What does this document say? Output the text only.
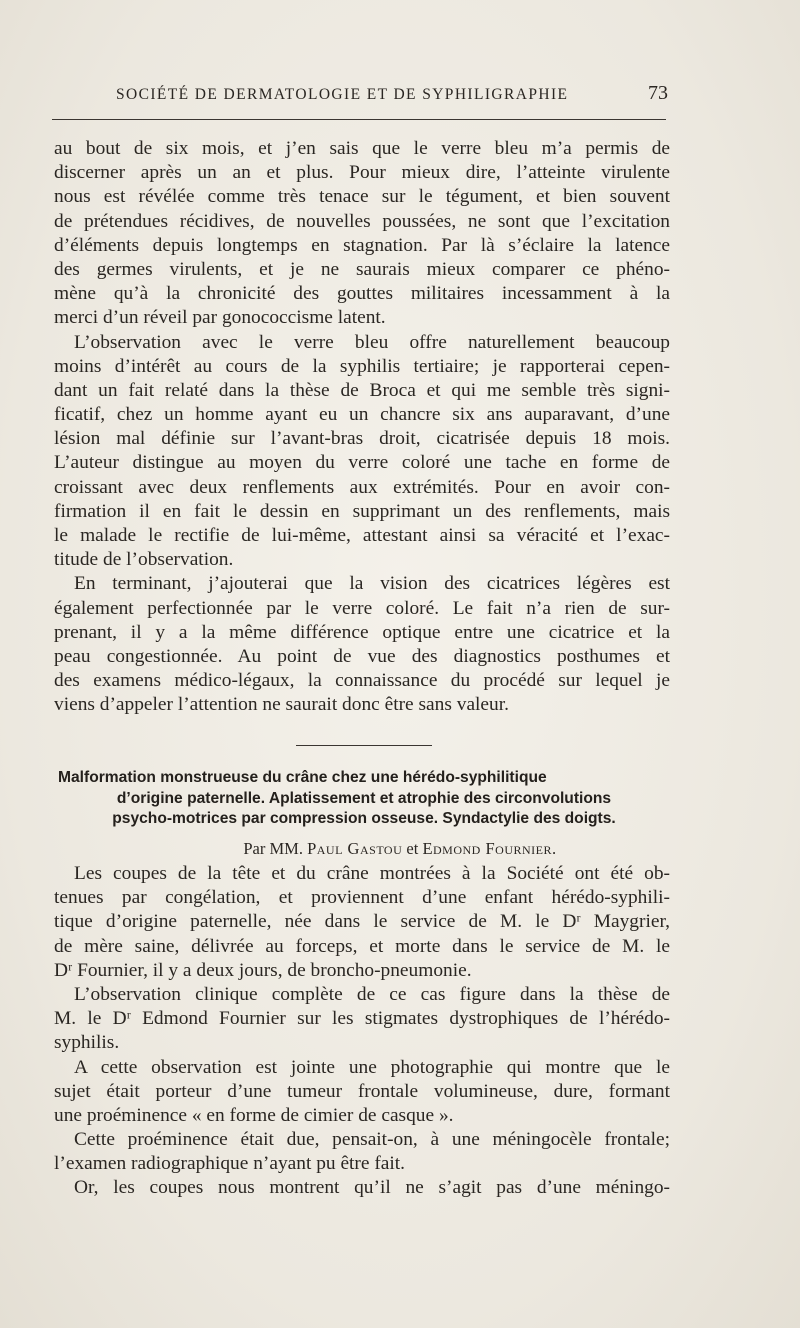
SOCIÉTÉ DE DERMATOLOGIE ET DE SYPHILIGRAPHIE	73
au bout de six mois, et j’en sais que le verre bleu m’a permis de
discerner après un an et plus. Pour mieux dire, l’atteinte virulente
nous est révélée comme très tenace sur le tégument, et bien souvent
de prétendues récidives, de nouvelles poussées, ne sont que l’excitation
d’éléments depuis longtemps en stagnation. Par là s’éclaire la latence
des germes virulents, et je ne saurais mieux comparer ce phéno-
mène qu’à la chronicité des gouttes militaires incessamment à la
merci d’un réveil par gonococcisme latent.
L’observation avec le verre bleu offre naturellement beaucoup
moins d’intérêt au cours de la syphilis tertiaire; je rapporterai cepen-
dant un fait relaté dans la thèse de Broca et qui me semble très signi-
ficatif, chez un homme ayant eu un chancre six ans auparavant, d’une
lésion mal définie sur l’avant-bras droit, cicatrisée depuis 18 mois.
L’auteur distingue au moyen du verre coloré une tache en forme de
croissant avec deux renflements aux extrémités. Pour en avoir con-
firmation il en fait le dessin en supprimant un des renflements, mais
le malade le rectifie de lui-même, attestant ainsi sa véracité et l’exac-
titude de l’observation.
En terminant, j’ajouterai que la vision des cicatrices légères est
également perfectionnée par le verre coloré. Le fait n’a rien de sur-
prenant, il y a la même différence optique entre une cicatrice et la
peau congestionnée. Au point de vue des diagnostics posthumes et
des examens médico-légaux, la connaissance du procédé sur lequel je
viens d’appeler l’attention ne saurait donc être sans valeur.
Malformation monstrueuse du crâne chez une hérédo-syphilitique
d’origine paternelle. Aplatissement et atrophie des circonvolutions
psycho-motrices par compression osseuse. Syndactylie des doigts.
Par MM. Paul Gastou et Edmond Fournier.
Les coupes de la tête et du crâne montrées à la Société ont été ob-
tenues par congélation, et proviennent d’une enfant hérédo-syphili-
tique d’origine paternelle, née dans le service de M. le Dʳ Maygrier,
de mère saine, délivrée au forceps, et morte dans le service de M. le
Dʳ Fournier, il y a deux jours, de broncho-pneumonie.
L’observation clinique complète de ce cas figure dans la thèse de
M. le Dʳ Edmond Fournier sur les stigmates dystrophiques de l’hérédo-
syphilis.
A cette observation est jointe une photographie qui montre que le
sujet était porteur d’une tumeur frontale volumineuse, dure, formant
une proéminence « en forme de cimier de casque ».
Cette proéminence était due, pensait-on, à une méningocèle frontale;
l’examen radiographique n’ayant pu être fait.
Or, les coupes nous montrent qu’il ne s’agit pas d’une méningo-
